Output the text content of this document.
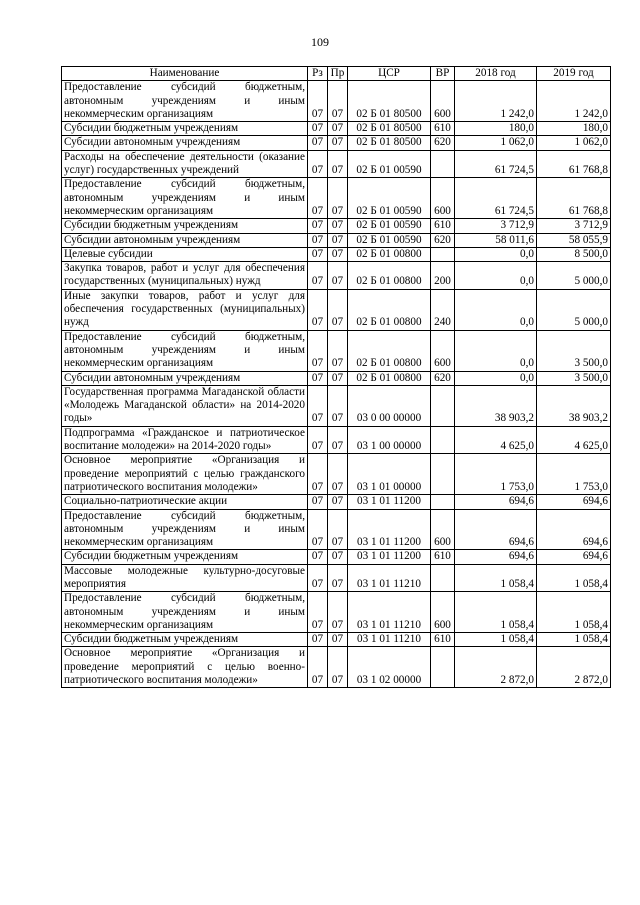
109
Наименование	Рз	Пр	ЦСР	ВР	2018 год	2019 год
Предоставление субсидий бюджетным, автономным учреждениям и иным некоммерческим организациям	07	07	02 Б 01 80500	600	1 242,0	1 242,0
Субсидии бюджетным учреждениям	07	07	02 Б 01 80500	610	180,0	180,0
Субсидии автономным учреждениям	07	07	02 Б 01 80500	620	1 062,0	1 062,0
Расходы на обеспечение деятельности (оказание услуг) государственных учреждений	07	07	02 Б 01 00590		61 724,5	61 768,8
Предоставление субсидий бюджетным, автономным учреждениям и иным некоммерческим организациям	07	07	02 Б 01 00590	600	61 724,5	61 768,8
Субсидии бюджетным учреждениям	07	07	02 Б 01 00590	610	3 712,9	3 712,9
Субсидии автономным учреждениям	07	07	02 Б 01 00590	620	58 011,6	58 055,9
Целевые субсидии	07	07	02 Б 01 00800		0,0	8 500,0
Закупка товаров, работ и услуг для обеспечения государственных (муниципальных) нужд	07	07	02 Б 01 00800	200	0,0	5 000,0
Иные закупки товаров, работ и услуг для обеспечения государственных (муниципальных) нужд	07	07	02 Б 01 00800	240	0,0	5 000,0
Предоставление субсидий бюджетным, автономным учреждениям и иным некоммерческим организациям	07	07	02 Б 01 00800	600	0,0	3 500,0
Субсидии автономным учреждениям	07	07	02 Б 01 00800	620	0,0	3 500,0
Государственная программа Магаданской области «Молодежь Магаданской области» на 2014-2020 годы»	07	07	03 0 00 00000		38 903,2	38 903,2
Подпрограмма «Гражданское и патриотическое воспитание молодежи» на 2014-2020 годы»	07	07	03 1 00 00000		4 625,0	4 625,0
Основное мероприятие «Организация и проведение мероприятий с целью гражданского патриотического воспитания молодежи»	07	07	03 1 01 00000		1 753,0	1 753,0
Социально-патриотические акции	07	07	03 1 01 11200		694,6	694,6
Предоставление субсидий бюджетным, автономным учреждениям и иным некоммерческим организациям	07	07	03 1 01 11200	600	694,6	694,6
Субсидии бюджетным учреждениям	07	07	03 1 01 11200	610	694,6	694,6
Массовые молодежные культурно-досуговые мероприятия	07	07	03 1 01 11210		1 058,4	1 058,4
Предоставление субсидий бюджетным, автономным учреждениям и иным некоммерческим организациям	07	07	03 1 01 11210	600	1 058,4	1 058,4
Субсидии бюджетным учреждениям	07	07	03 1 01 11210	610	1 058,4	1 058,4
Основное мероприятие «Организация и проведение мероприятий с целью военно-патриотического воспитания молодежи»	07	07	03 1 02 00000		2 872,0	2 872,0
